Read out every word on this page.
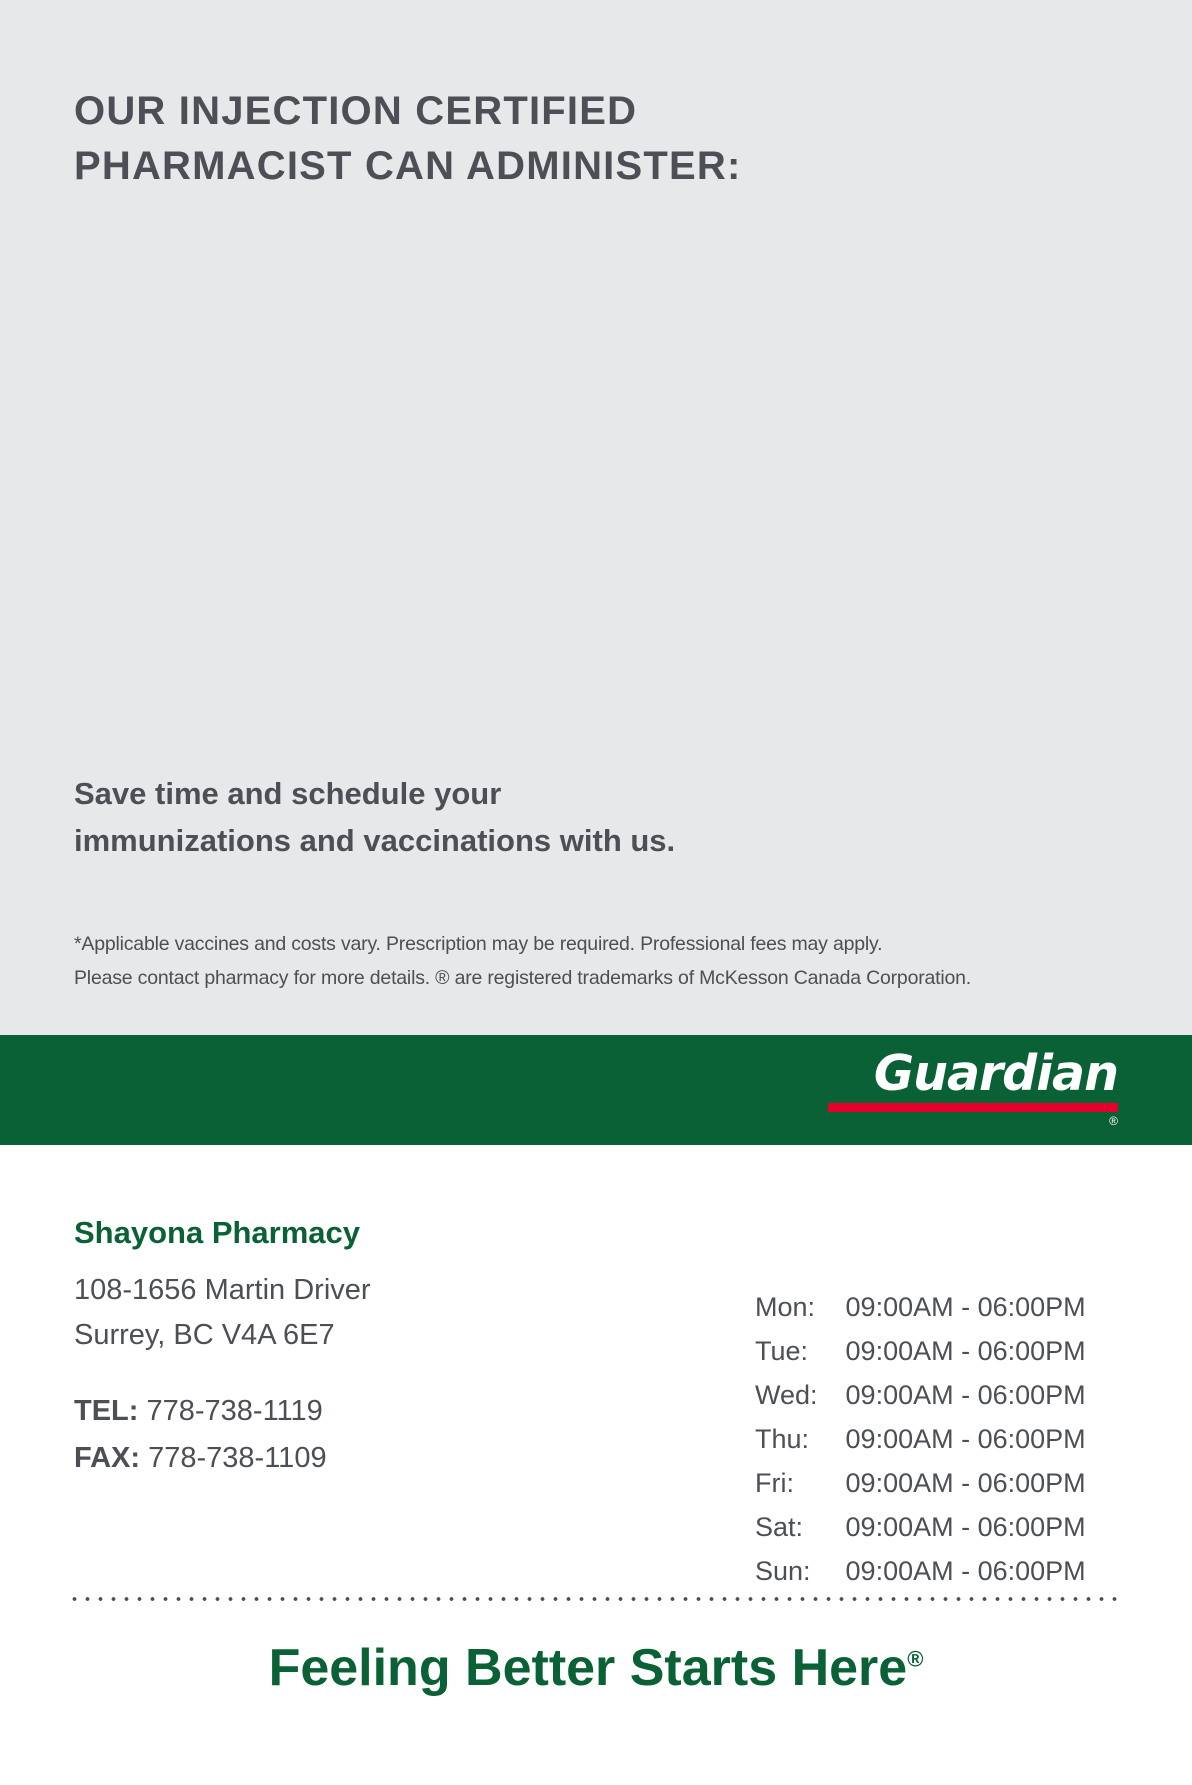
OUR INJECTION CERTIFIED
PHARMACIST CAN ADMINISTER:
Save time and schedule your
immunizations and vaccinations with us.
*Applicable vaccines and costs vary. Prescription may be required. Professional fees may apply.
Please contact pharmacy for more details. ® are registered trademarks of McKesson Canada Corporation.
Guardian
®
Shayona Pharmacy
108-1656 Martin Driver
Surrey, BC V4A 6E7
TEL: 778-738-1119
FAX: 778-738-1109
Mon:	09:00AM - 06:00PM
Tue:	09:00AM - 06:00PM
Wed:	09:00AM - 06:00PM
Thu:	09:00AM - 06:00PM
Fri:	09:00AM - 06:00PM
Sat:	09:00AM - 06:00PM
Sun:	09:00AM - 06:00PM
Feeling Better Starts Here®
